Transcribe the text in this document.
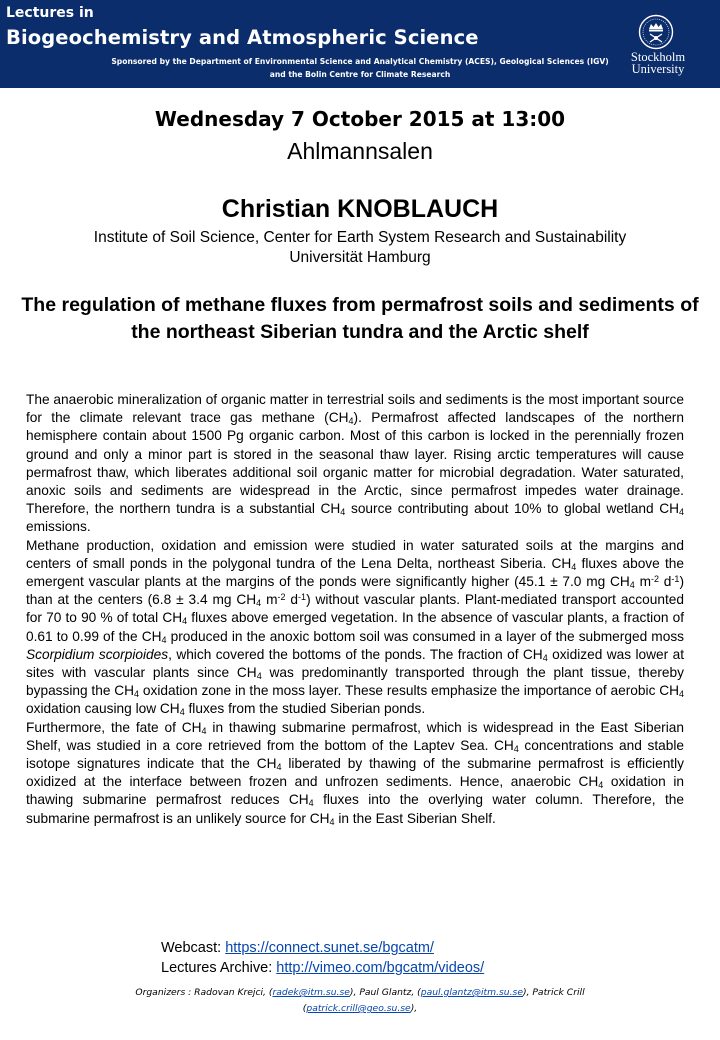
Lectures in
Biogeochemistry and Atmospheric Science
Sponsored by the Department of Environmental Science and Analytical Chemistry (ACES), Geological Sciences (IGV)
and the Bolin Centre for Climate Research
Stockholm
University
Wednesday 7 October 2015 at 13:00
Ahlmannsalen
Christian KNOBLAUCH
Institute of Soil Science, Center for Earth System Research and Sustainability
Universität Hamburg
The regulation of methane fluxes from permafrost soils and sediments of the northeast Siberian tundra and the Arctic shelf

The anaerobic mineralization of organic matter in terrestrial soils and sediments is the most important source for the climate relevant trace gas methane $(CH_4)$. Permafrost affected landscapes of the northern hemisphere contain about 1500 Pg organic carbon. Most of this carbon is locked in the perennially frozen ground and only a minor part is stored in the seasonal thaw layer. Rising arctic temperatures will cause permafrost thaw, which liberates additional soil organic matter for microbial degradation. Water saturated, anoxic soils and sediments are widespread in the Arctic, since permafrost impedes water drainage. Therefore, the northern tundra is a substantial $CH_4$ source contributing about 10% to global wetland $CH_4$ emissions.

Methane production, oxidation and emission were studied in water saturated soils at the margins and centers of small ponds in the polygonal tundra of the Lena Delta, northeast Siberia. $CH_4$ fluxes above the emergent vascular plants at the margins of the ponds were significantly higher (45.1 ± 7.0 mg $CH_4$ $m^{-2}$ $d^{-1}$) than at the centers (6.8 ± 3.4 mg $CH_4$ $m^{-2}$ $d^{-1}$) without vascular plants. Plant-mediated transport accounted for 70 to 90 % of total $CH_4$ fluxes above emerged vegetation. In the absence of vascular plants, a fraction of 0.61 to 0.99 of the $CH_4$ produced in the anoxic bottom soil was consumed in a layer of the submerged moss Scorpidium scorpioides, which covered the bottoms of the ponds. The fraction of $CH_4$ oxidized was lower at sites with vascular plants since $CH_4$ was predominantly transported through the plant tissue, thereby bypassing the $CH_4$ oxidation zone in the moss layer. These results emphasize the importance of aerobic $CH_4$ oxidation causing low $CH_4$ fluxes from the studied Siberian ponds.

Furthermore, the fate of $CH_4$ in thawing submarine permafrost, which is widespread in the East Siberian Shelf, was studied in a core retrieved from the bottom of the Laptev Sea. $CH_4$ concentrations and stable isotope signatures indicate that the $CH_4$ liberated by thawing of the submarine permafrost is efficiently oxidized at the interface between frozen and unfrozen sediments. Hence, anaerobic $CH_4$ oxidation in thawing submarine permafrost reduces $CH_4$ fluxes into the overlying water column. Therefore, the submarine permafrost is an unlikely source for $CH_4$ in the East Siberian Shelf.

Webcast: https://connect.sunet.se/bgcatm/
Lectures Archive: http://vimeo.com/bgcatm/videos/
Organizers : Radovan Krejci, (radek@itm.su.se), Paul Glantz, (paul.glantz@itm.su.se), Patrick Crill
(patrick.crill@geo.su.se),
